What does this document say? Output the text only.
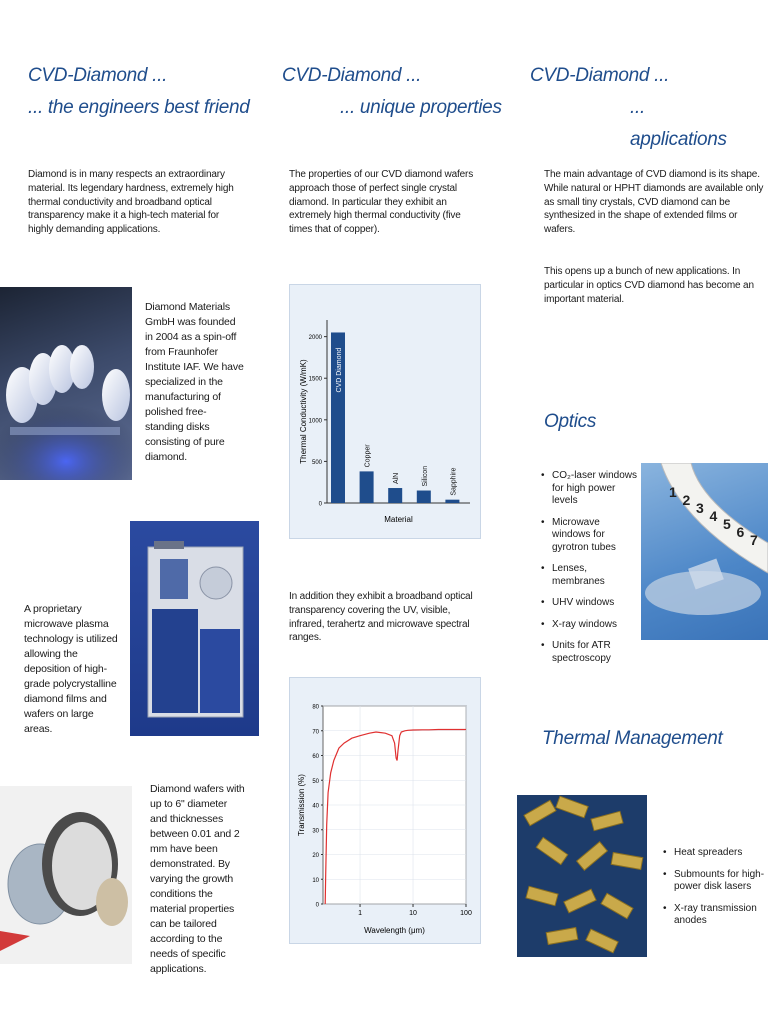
CVD-Diamond ...
... the engineers best friend
Diamond is in many respects an extraordinary material. Its legendary hardness, extremely high thermal conductivity and broadband optical transparency make it a high-tech material for highly demanding applications.
Diamond Materials GmbH was founded in 2004 as a spin-off from Fraunhofer Institute IAF. We have specialized in the manufacturing of polished free-standing disks consisting of pure diamond.
A proprietary microwave plasma technology is utilized allowing the deposition of high-grade polycrystalline diamond films and wafers on large areas.
Diamond wafers with up to 6" diameter and thicknesses between 0.01 and 2 mm have been demonstrated. By varying the growth conditions the material properties can be tailored according to the needs of specific applications.
CVD-Diamond ...
... unique properties
The properties of our CVD diamond wafers approach those of perfect single crystal diamond. In particular they exhibit an extremely high thermal conductivity (five times that of copper).
0
500
1000
1500
2000
CVD Diamond
Copper
AlN	Silicon	Sapphire
Thermal Conductivity (W/mK)
Material
In addition they exhibit a broadband optical transparency covering the UV, visible, infrared, terahertz and microwave spectral ranges.
0
10
20
30
40
50
60
70
80
1	10	100
Transmission (%)
Wavelength (μm)
CVD-Diamond ...
... applications
The main advantage of CVD diamond is its shape. While natural or HPHT diamonds are available only as small tiny crystals, CVD diamond can be synthesized in the shape of extended films or wafers.
This opens up a bunch of new applications. In particular in optics CVD diamond has become an important material.
Optics
• CO₂-laser windows for high power levels
• Microwave windows for gyrotron tubes
• Lenses, membranes
• UHV windows
• X-ray windows
• Units for ATR spectroscopy
1 2 3 4 5 6 7
Thermal Management
• Heat spreaders
• Submounts for high-power disk lasers
• X-ray transmission anodes
